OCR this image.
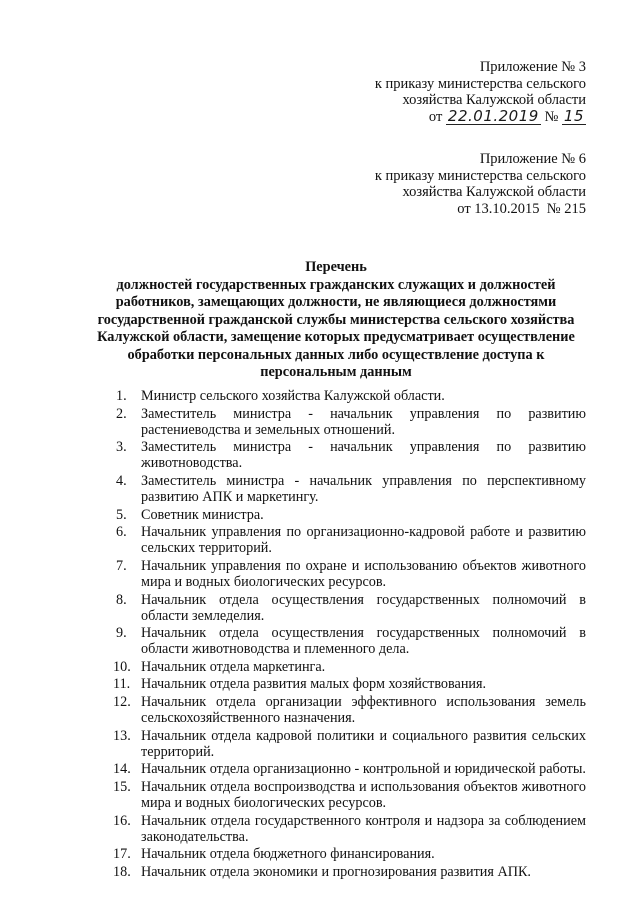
Приложение № 3
к приказу министерства сельского
хозяйства Калужской области
от 22.01.2019 № 15
Приложение № 6
к приказу министерства сельского
хозяйства Калужской области
от 13.10.2015  № 215
Перечень
должностей государственных гражданских служащих и должностей
работников, замещающих должности, не являющиеся должностями
государственной гражданской службы министерства сельского хозяйства
Калужской области, замещение которых предусматривает осуществление
обработки персональных данных либо осуществление доступа к
персональным данным
1. Министр сельского хозяйства Калужской области.
2. Заместитель министра - начальник управления по развитию
растениеводства и земельных отношений.
3. Заместитель министра - начальник управления по развитию
животноводства.
4. Заместитель министра - начальник управления по перспективному
развитию АПК и маркетингу.
5. Советник министра.
6. Начальник управления по организационно-кадровой работе и развитию
сельских территорий.
7. Начальник управления по охране и использованию объектов животного
мира и водных биологических ресурсов.
8. Начальник отдела осуществления государственных полномочий в
области земледелия.
9. Начальник отдела осуществления государственных полномочий в
области животноводства и племенного дела.
10. Начальник отдела маркетинга.
11. Начальник отдела развития малых форм хозяйствования.
12. Начальник отдела организации эффективного использования земель
сельскохозяйственного назначения.
13. Начальник отдела кадровой политики и социального развития сельских
территорий.
14. Начальник отдела организационно - контрольной и юридической работы.
15. Начальник отдела воспроизводства и использования объектов животного
мира и водных биологических ресурсов.
16. Начальник отдела государственного контроля и надзора за соблюдением
законодательства.
17. Начальник отдела бюджетного финансирования.
18. Начальник отдела экономики и прогнозирования развития АПК.
